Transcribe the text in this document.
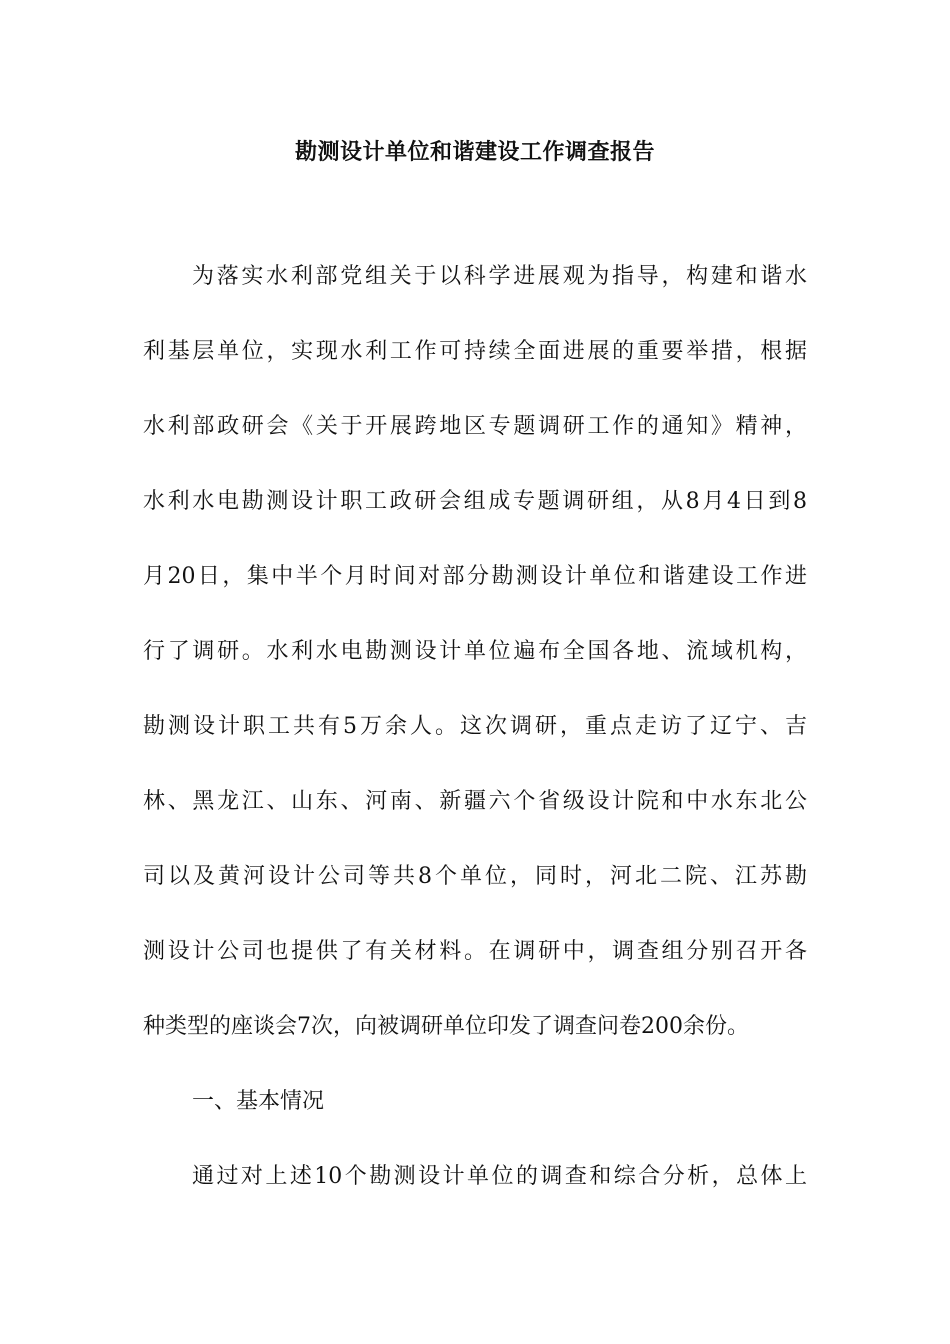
勘测设计单位和谐建设工作调查报告
为落实水利部党组关于以科学进展观为指导，构建和谐水
利基层单位，实现水利工作可持续全面进展的重要举措，根据
水利部政研会《关于开展跨地区专题调研工作的通知》精神，
水利水电勘测设计职工政研会组成专题调研组，从8月4日到8
月20日，集中半个月时间对部分勘测设计单位和谐建设工作进
行了调研。水利水电勘测设计单位遍布全国各地、流域机构，
勘测设计职工共有5万余人。这次调研，重点走访了辽宁、吉
林、黑龙江、山东、河南、新疆六个省级设计院和中水东北公
司以及黄河设计公司等共8个单位，同时，河北二院、江苏勘
测设计公司也提供了有关材料。在调研中，调查组分别召开各
种类型的座谈会7次，向被调研单位印发了调查问卷200余份。
一、基本情况
通过对上述10个勘测设计单位的调查和综合分析，总体上
